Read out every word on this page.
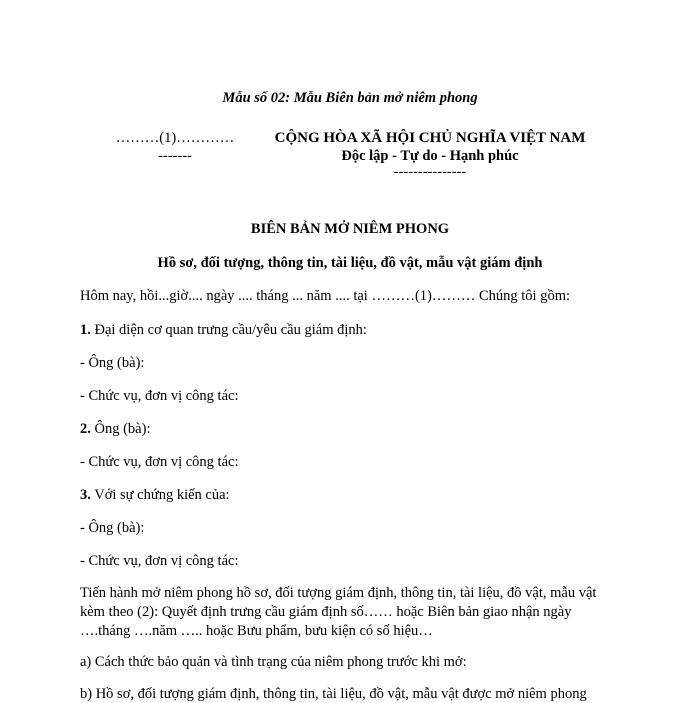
Mẫu số 02: Mẫu Biên bản mở niêm phong
………(1)…………
-------
CỘNG HÒA XÃ HỘI CHỦ NGHĨA VIỆT NAM
Độc lập - Tự do - Hạnh phúc
---------------
BIÊN BẢN MỞ NIÊM PHONG
Hồ sơ, đối tượng, thông tin, tài liệu, đồ vật, mẫu vật giám định
Hôm nay, hồi...giờ.... ngày .... tháng ... năm .... tại ………(1)……… Chúng tôi gồm:
1. Đại diện cơ quan trưng cầu/yêu cầu giám định:
- Ông (bà):
- Chức vụ, đơn vị công tác:
2. Ông (bà):
- Chức vụ, đơn vị công tác:
3. Với sự chứng kiến của:
- Ông (bà):
- Chức vụ, đơn vị công tác:
Tiến hành mở niêm phong hồ sơ, đối tượng giám định, thông tin, tài liệu, đồ vật, mẫu vật kèm theo (2): Quyết định trưng cầu giám định số…… hoặc Biên bản giao nhận ngày ….tháng ….năm ….. hoặc Bưu phẩm, bưu kiện có số hiệu…
a) Cách thức bảo quản và tình trạng của niêm phong trước khi mở:
b) Hồ sơ, đối tượng giám định, thông tin, tài liệu, đồ vật, mẫu vật được mở niêm phong
